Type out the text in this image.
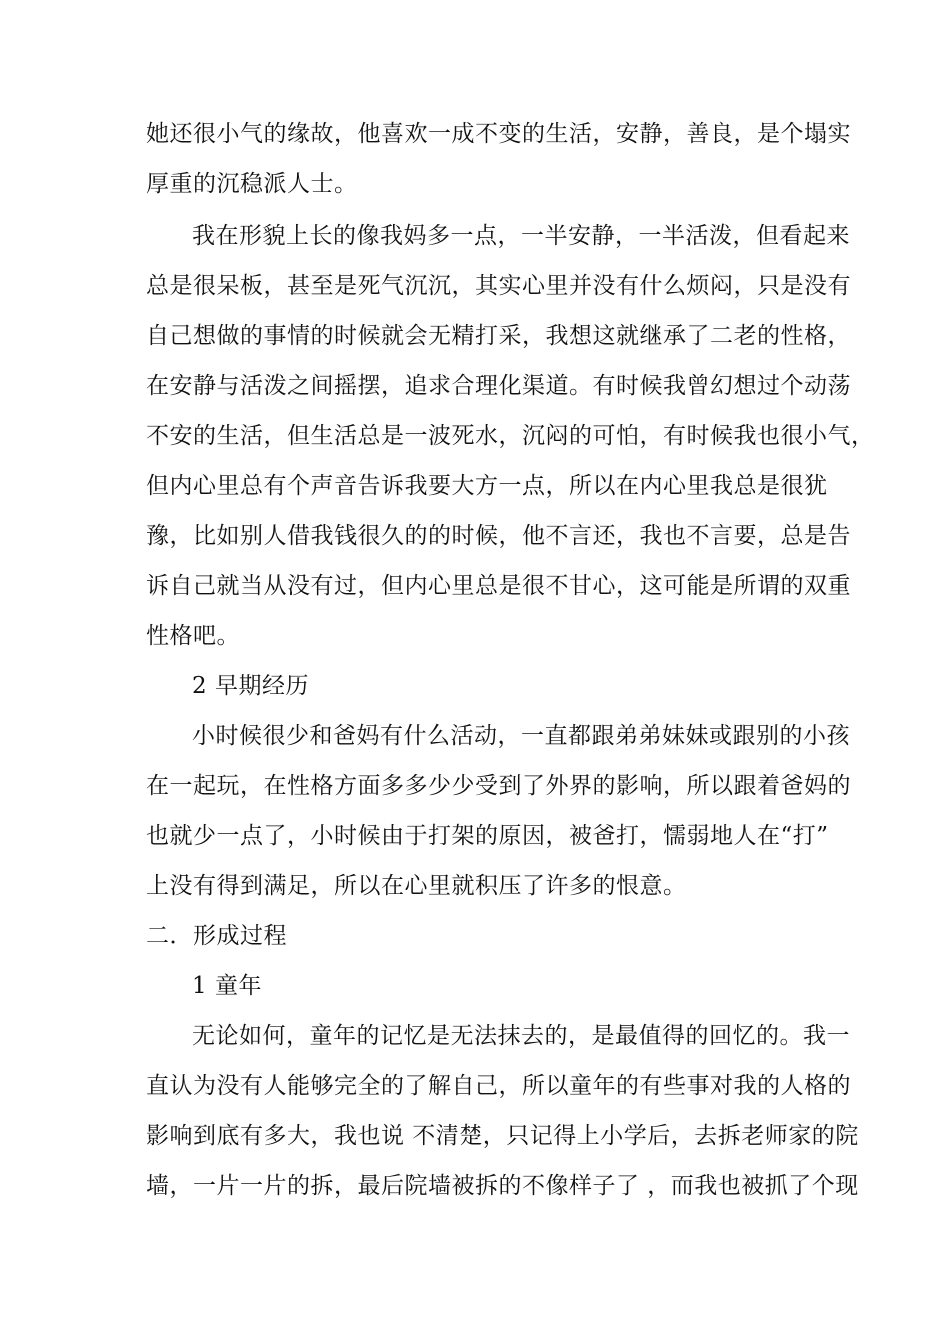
她还很小气的缘故，他喜欢一成不变的生活，安静，善良，是个塌实
厚重的沉稳派人士。
我在形貌上长的像我妈多一点，一半安静，一半活泼，但看起来
总是很呆板，甚至是死气沉沉，其实心里并没有什么烦闷，只是没有
自己想做的事情的时候就会无精打采，我想这就继承了二老的性格，
在安静与活泼之间摇摆，追求合理化渠道。有时候我曾幻想过个动荡
不安的生活，但生活总是一波死水，沉闷的可怕，有时候我也很小气，
但内心里总有个声音告诉我要大方一点，所以在内心里我总是很犹
豫，比如别人借我钱很久的的时候，他不言还，我也不言要，总是告
诉自己就当从没有过，但内心里总是很不甘心，这可能是所谓的双重
性格吧。
2 早期经历
小时候很少和爸妈有什么活动，一直都跟弟弟妹妹或跟别的小孩
在一起玩，在性格方面多多少少受到了外界的影响，所以跟着爸妈的
也就少一点了，小时候由于打架的原因，被爸打，懦弱地人在“打”
上没有得到满足，所以在心里就积压了许多的恨意。
二．形成过程
1 童年
无论如何，童年的记忆是无法抹去的，是最值得的回忆的。我一
直认为没有人能够完全的了解自己，所以童年的有些事对我的人格的
影响到底有多大，我也说 不清楚，只记得上小学后，去拆老师家的院
墙，一片一片的拆，最后院墙被拆的不像样子了 ，而我也被抓了个现
